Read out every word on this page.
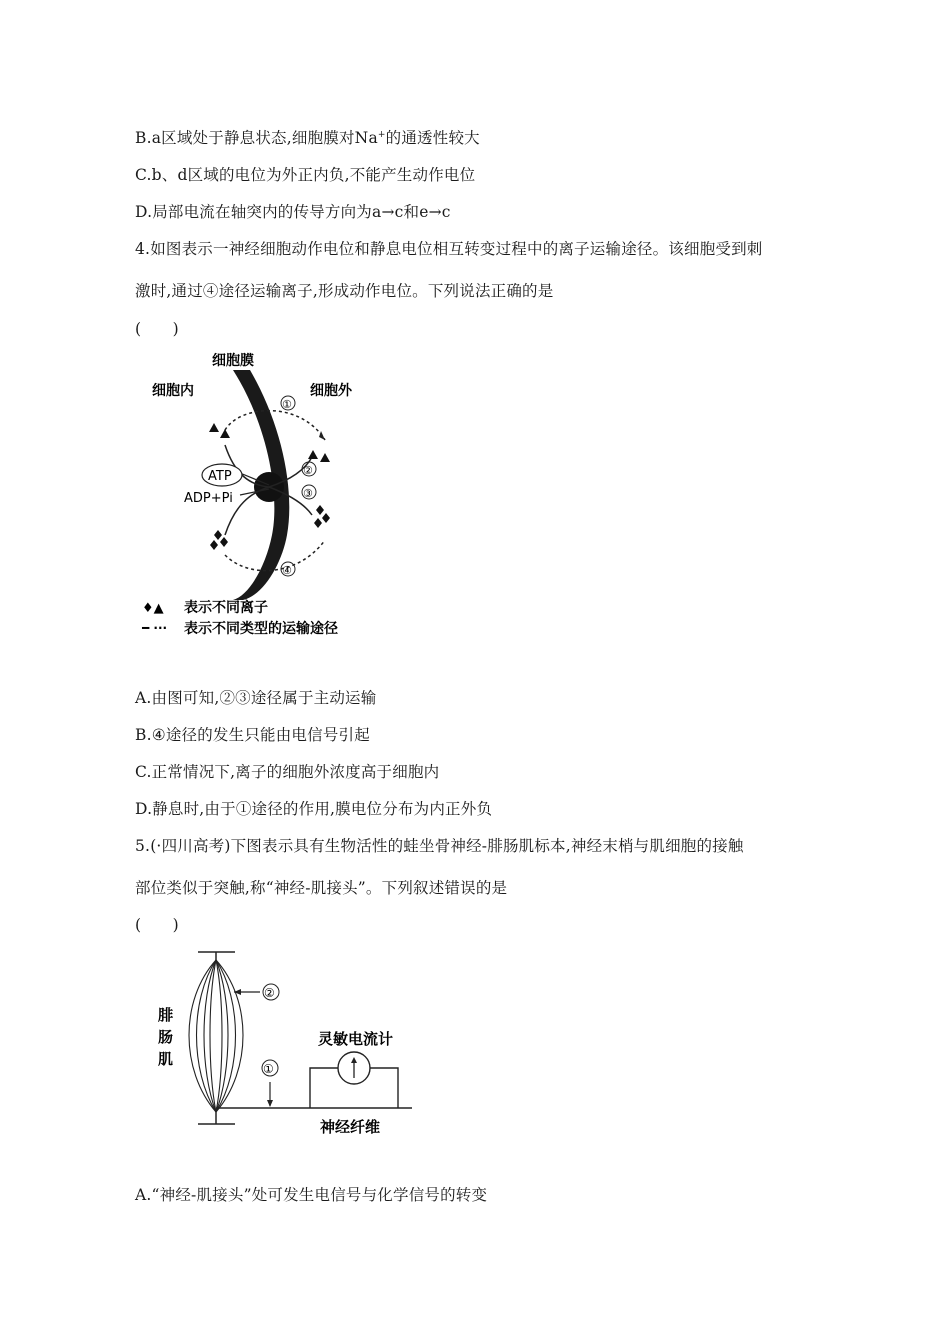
B.a区域处于静息状态,细胞膜对Na+的通透性较大
C.b、d区域的电位为外正内负,不能产生动作电位
D.局部电流在轴突内的传导方向为a→c和e→c
4.如图表示一神经细胞动作电位和静息电位相互转变过程中的离子运输途径。该细胞受到刺
激时,通过④途径运输离子,形成动作电位。下列说法正确的是
(　　)
细胞膜
细胞内	细胞外
①
④
②
③
ATP
ADP+Pi
♦▲ 表示不同离子
━ ··· 表示不同类型的运输途径
A.由图可知,②③途径属于主动运输
B.④途径的发生只能由电信号引起
C.正常情况下,离子的细胞外浓度高于细胞内
D.静息时,由于①途径的作用,膜电位分布为内正外负
5.(·四川高考)下图表示具有生物活性的蛙坐骨神经-腓肠肌标本,神经末梢与肌细胞的接触
部位类似于突触,称“神经-肌接头”。下列叙述错误的是
(　　)
②
腓
肠
肌
神经纤维
①
灵敏电流计
A.“神经-肌接头”处可发生电信号与化学信号的转变
